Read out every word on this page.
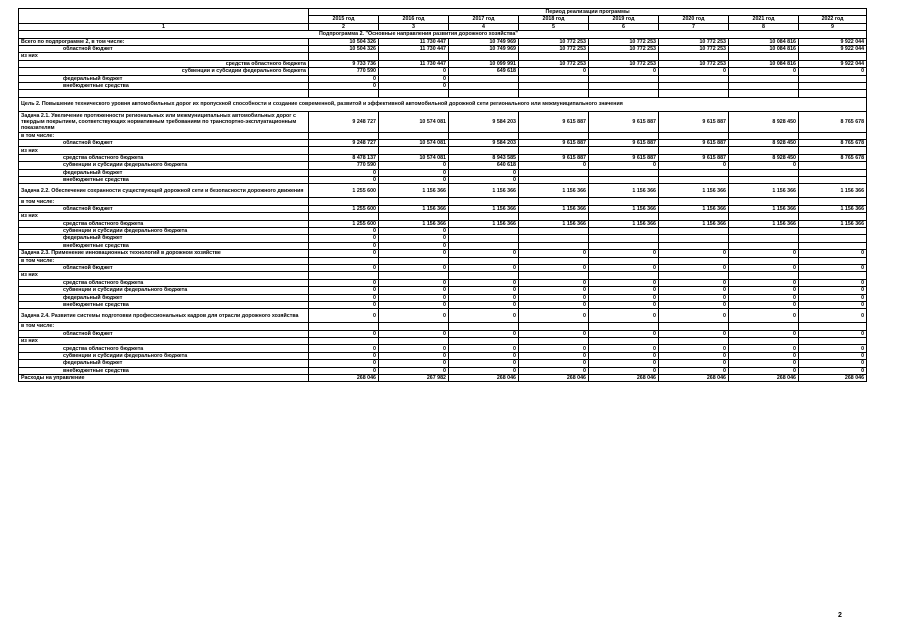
	Период реализации программы							
	2015 год	2016 год	2017 год	2018 год	2019 год	2020 год	2021 год	2022 год
1	2	3	4	5	6	7	8	9
Подпрограмма 2. "Основные направления развития дорожного хозяйства"								
Всего по подпрограмме 2, в том числе:	10 504 326	11 730 447	10 749 969	10 772 253	10 772 253	10 772 253	10 084 816	9 922 044
областной бюджет	10 504 326	11 730 447	10 749 969	10 772 253	10 772 253	10 772 253	10 084 816	9 922 044
из них								
средства областного бюджета	9 733 736	11 730 447	10 099 991	10 772 253	10 772 253	10 772 253	10 084 816	9 922 044
субвенции и субсидии федерального бюджета	770 590	0	649 618	0	0	0	0	0
федеральный бюджет	0	0						
внебюджетные средства	0	0						

Цель 2. Повышение технического уровня автомобильных дорог их пропускной способности и создание современной, развитой и эффективной автомобильной дорожной сети регионального или межмуниципального значения								
Задача 2.1. Увеличение протяженности региональных или межмуниципальных автомобильных дорог с твердым покрытием, соответствующих нормативным требованиям по транспортно-эксплуатационным показателям	9 248 727	10 574 081	9 584 203	9 615 887	9 615 887	9 615 887	8 928 450	8 765 678
в том числе:								
областной бюджет	9 248 727	10 574 081	9 584 203	9 615 887	9 615 887	9 615 887	8 928 450	8 765 678
из них								
средства областного бюджета	8 478 137	10 574 081	8 943 585	9 615 887	9 615 887	9 615 887	8 928 450	8 765 678
субвенции и субсидии федерального бюджета	770 590	0	640 618	0	0	0	0	
федеральный бюджет	0	0	0					
внебюджетные средства	0	0	0					
Задача 2.2. Обеспечение сохранности существующей дорожной сети и безопасности дорожного движения	1 255 600	1 156 366	1 156 366	1 156 366	1 156 366	1 156 366	1 156 366	1 156 366
в том числе:								
областной бюджет	1 255 600	1 156 366	1 156 366	1 156 366	1 156 366	1 156 366	1 156 366	1 156 366
из них								
средства областного бюджета	1 255 600	1 156 366	1 156 366	1 156 366	1 156 366	1 156 366	1 156 366	1 156 366
субвенции и субсидии федерального бюджета	0	0						
федеральный бюджет	0	0						
внебюджетные средства	0	0						
Задача 2.3. Применение инновационных технологий в дорожном хозяйстве	0	0	0	0	0	0	0	0
в том числе:								
областной бюджет	0	0	0	0	0	0	0	0
из них								
средства областного бюджета	0	0	0	0	0	0	0	0
субвенции и субсидии федерального бюджета	0	0	0	0	0	0	0	0
федеральный бюджет	0	0	0	0	0	0	0	0
внебюджетные средства	0	0	0	0	0	0	0	0
Задача 2.4. Развитие системы подготовки профессиональных кадров для отрасли дорожного хозяйства	0	0	0	0	0	0	0	0
в том числе:								
областной бюджет	0	0	0	0	0	0	0	0
из них								
средства областного бюджета	0	0	0	0	0	0	0	0
субвенции и субсидии федерального бюджета	0	0	0	0	0	0	0	0
федеральный бюджет	0	0	0	0	0	0	0	0
внебюджетные средства	0	0	0	0	0	0	0	0
Расходы на управление	268 046	267 982	268 046	268 046	268 046	268 046	268 046	268 046
2
